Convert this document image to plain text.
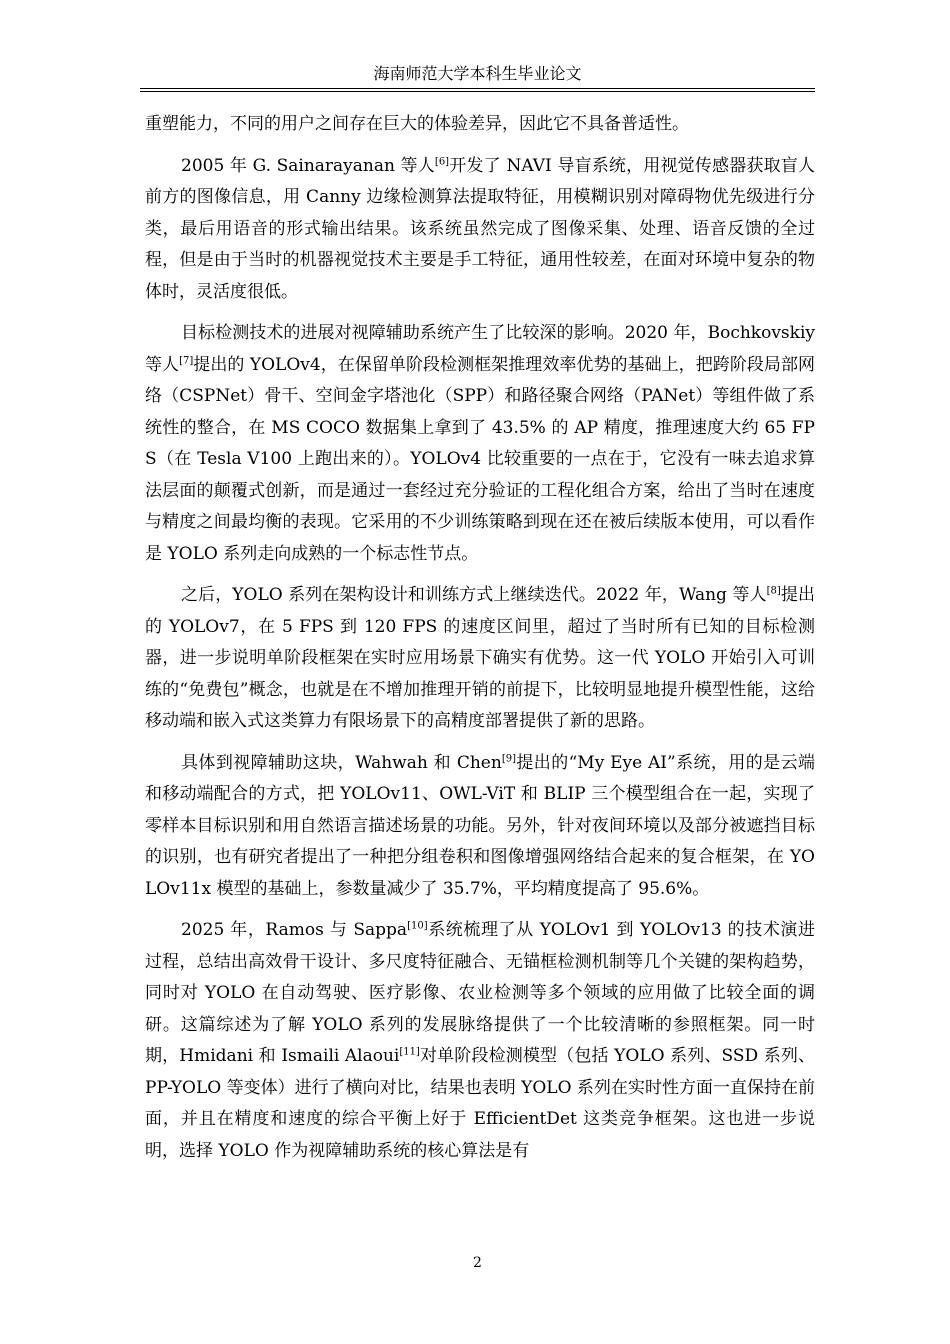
海南师范大学本科生毕业论文

重塑能力，不同的用户之间存在巨大的体验差异，因此它不具备普适性。

2005 年 G. Sainarayanan 等人[6]开发了 NAVI 导盲系统，用视觉传感器获取盲人前方的图像信息，用 Canny 边缘检测算法提取特征，用模糊识别对障碍物优先级进行分类，最后用语音的形式输出结果。该系统虽然完成了图像采集、处理、语音反馈的全过程，但是由于当时的机器视觉技术主要是手工特征，通用性较差，在面对环境中复杂的物体时，灵活度很低。

目标检测技术的进展对视障辅助系统产生了比较深的影响。2020 年，Bochkovskiy 等人[7]提出的 YOLOv4，在保留单阶段检测框架推理效率优势的基础上，把跨阶段局部网络（CSPNet）骨干、空间金字塔池化（SPP）和路径聚合网络（PANet）等组件做了系统性的整合，在 MS COCO 数据集上拿到了 43.5% 的 AP 精度，推理速度大约 65 FPS（在 Tesla V100 上跑出来的）。YOLOv4 比较重要的一点在于，它没有一味去追求算法层面的颠覆式创新，而是通过一套经过充分验证的工程化组合方案，给出了当时在速度与精度之间最均衡的表现。它采用的不少训练策略到现在还在被后续版本使用，可以看作是 YOLO 系列走向成熟的一个标志性节点。

之后，YOLO 系列在架构设计和训练方式上继续迭代。2022 年，Wang 等人[8]提出的 YOLOv7，在 5 FPS 到 120 FPS 的速度区间里，超过了当时所有已知的目标检测器，进一步说明单阶段框架在实时应用场景下确实有优势。这一代 YOLO 开始引入可训练的“免费包”概念，也就是在不增加推理开销的前提下，比较明显地提升模型性能，这给移动端和嵌入式这类算力有限场景下的高精度部署提供了新的思路。

具体到视障辅助这块，Wahwah 和 Chen[9]提出的“My Eye AI”系统，用的是云端和移动端配合的方式，把 YOLOv11、OWL-ViT 和 BLIP 三个模型组合在一起，实现了零样本目标识别和用自然语言描述场景的功能。另外，针对夜间环境以及部分被遮挡目标的识别，也有研究者提出了一种把分组卷积和图像增强网络结合起来的复合框架，在 YOLOv11x 模型的基础上，参数量减少了 35.7%，平均精度提高了 95.6%。

2025 年，Ramos 与 Sappa[10]系统梳理了从 YOLOv1 到 YOLOv13 的技术演进过程，总结出高效骨干设计、多尺度特征融合、无锚框检测机制等几个关键的架构趋势，同时对 YOLO 在自动驾驶、医疗影像、农业检测等多个领域的应用做了比较全面的调研。这篇综述为了解 YOLO 系列的发展脉络提供了一个比较清晰的参照框架。同一时期，Hmidani 和 Ismaili Alaoui[11]对单阶段检测模型（包括 YOLO 系列、SSD 系列、PP-YOLO 等变体）进行了横向对比，结果也表明 YOLO 系列在实时性方面一直保持在前面，并且在精度和速度的综合平衡上好于 EfficientDet 这类竞争框架。这也进一步说明，选择 YOLO 作为视障辅助系统的核心算法是有

2
